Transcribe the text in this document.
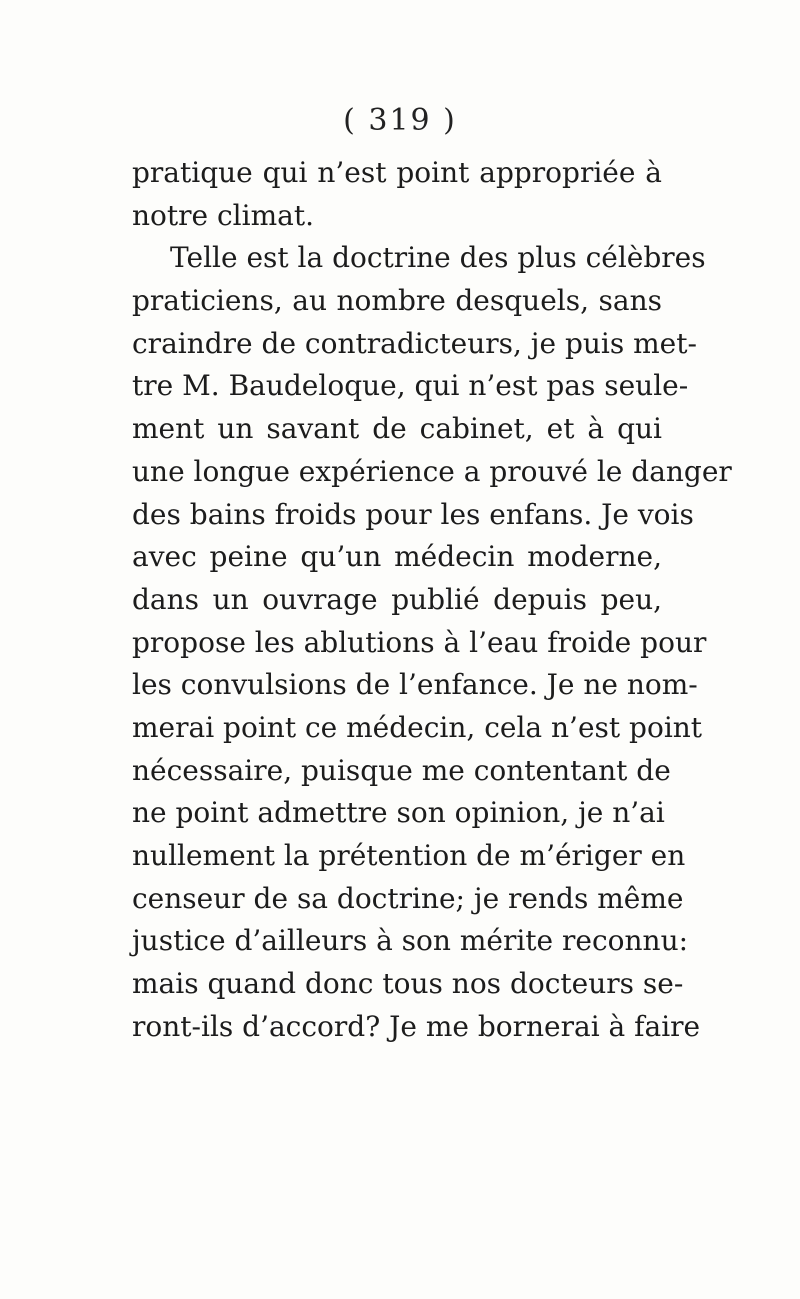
( 319 )
pratique qui n’est point appropriée à
notre climat.
Telle est la doctrine des plus célèbres
praticiens, au nombre desquels, sans
craindre de contradicteurs, je puis met-
tre M. Baudeloque, qui n’est pas seule-
ment un savant de cabinet, et à qui
une longue expérience a prouvé le danger
des bains froids pour les enfans. Je vois
avec peine qu’un médecin moderne,
dans un ouvrage publié depuis peu,
propose les ablutions à l’eau froide pour
les convulsions de l’enfance. Je ne nom-
merai point ce médecin, cela n’est point
nécessaire, puisque me contentant de
ne point admettre son opinion, je n’ai
nullement la prétention de m’ériger en
censeur de sa doctrine; je rends même
justice d’ailleurs à son mérite reconnu:
mais quand donc tous nos docteurs se-
ront-ils d’accord? Je me bornerai à faire
